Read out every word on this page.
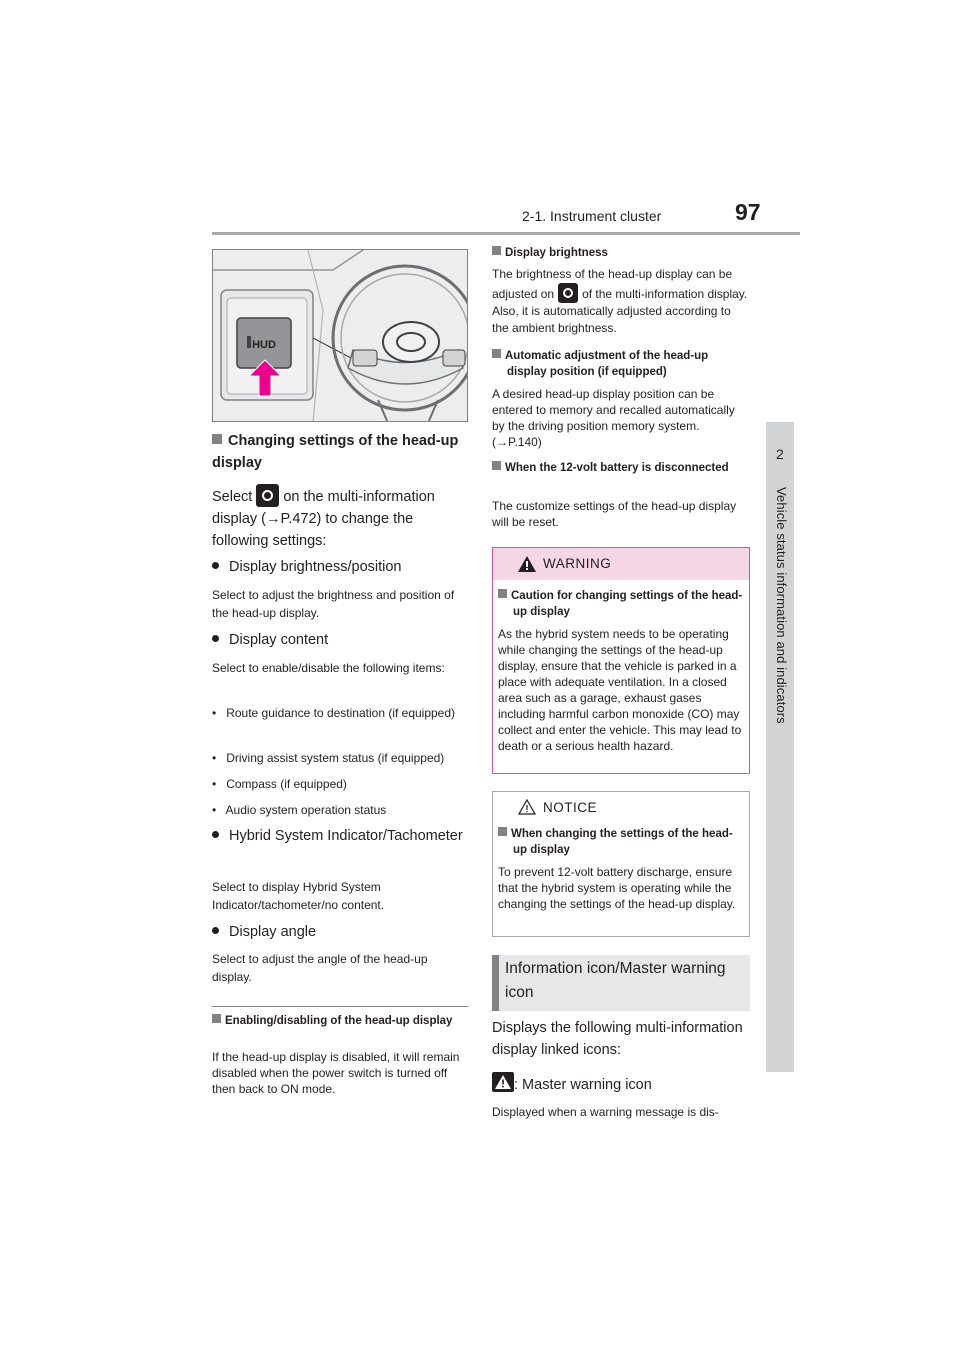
2-1. Instrument cluster	97
2
Vehicle status information and indicators
HUD
Changing settings of the head-up display
Select on the multi-information display (→P.472) to change the following settings:
Display brightness/position
Select to adjust the brightness and position of the head-up display.
Display content
Select to enable/disable the following items:
•   Route guidance to destination (if equipped)
•   Driving assist system status (if equipped)
•   Compass (if equipped)
•   Audio system operation status
Hybrid System Indicator/Tachometer
Select to display Hybrid System Indicator/tachometer/no content.
Display angle
Select to adjust the angle of the head-up display.
Enabling/disabling of the head-up display
If the head-up display is disabled, it will remain disabled when the power switch is turned off then back to ON mode.
Display brightness
The brightness of the head-up display can be adjusted on of the multi-information display. Also, it is automatically adjusted according to the ambient brightness.
Automatic adjustment of the head-up display position (if equipped)
A desired head-up display position can be entered to memory and recalled automatically by the driving position memory system. (→P.140)
When the 12-volt battery is disconnected
The customize settings of the head-up display will be reset.
WARNING
Caution for changing settings of the head-up display
As the hybrid system needs to be operating while changing the settings of the head-up display, ensure that the vehicle is parked in a place with adequate ventilation. In a closed area such as a garage, exhaust gases including harmful carbon monoxide (CO) may collect and enter the vehicle. This may lead to death or a serious health hazard.
NOTICE
When changing the settings of the head-up display
To prevent 12-volt battery discharge, ensure that the hybrid system is operating while the changing the settings of the head-up display.
Information icon/Master warning icon
Displays the following multi-information display linked icons:
: Master warning icon
Displayed when a warning message is dis-
